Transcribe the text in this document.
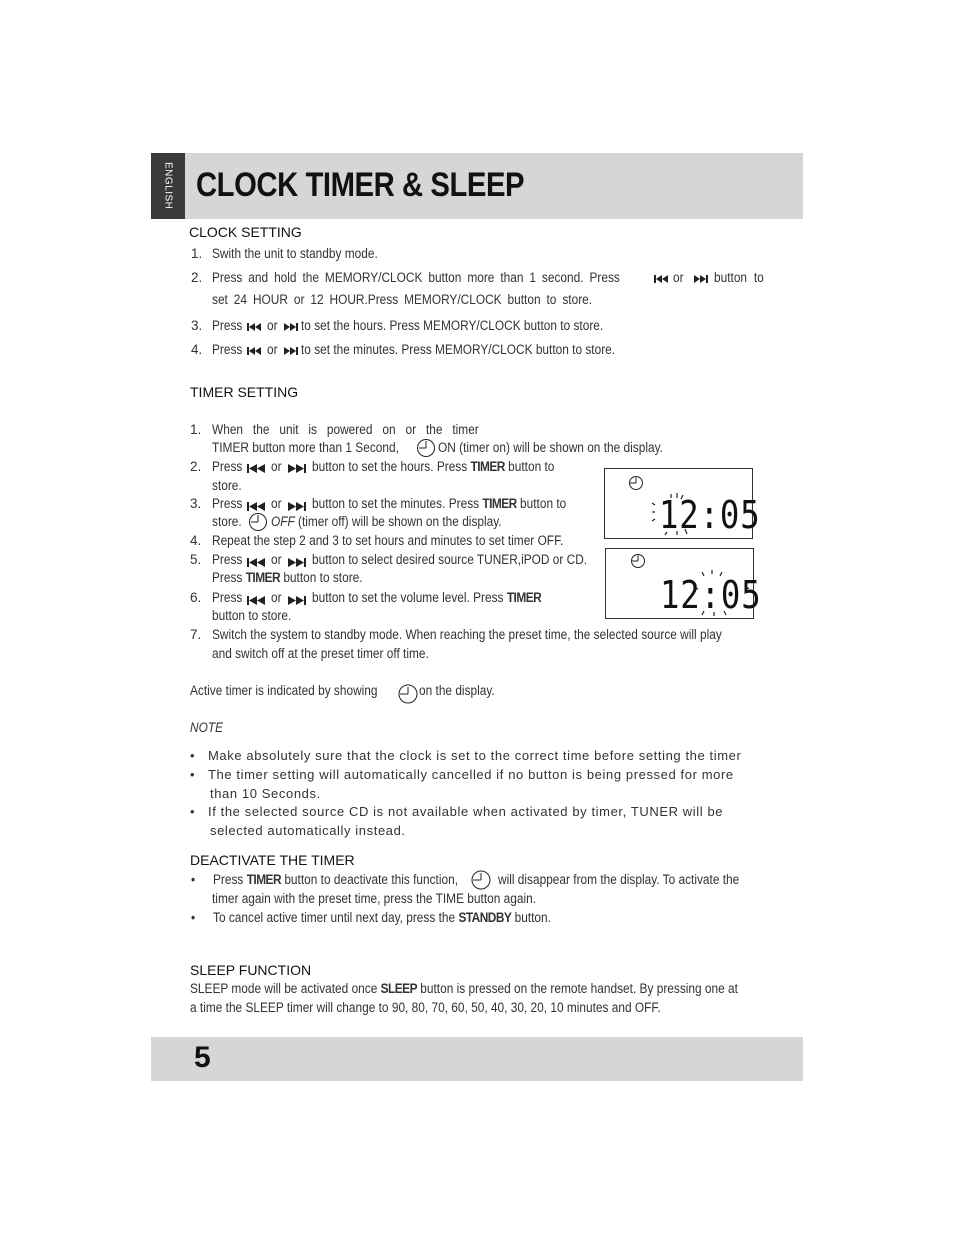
ENGLISH CLOCK TIMER & SLEEP
CLOCK SETTING
1. Swith the unit to standby mode.
2. Press and hold the MEMORY/CLOCK button more than 1 second. Press	or button to
set 24 HOUR or 12 HOUR.Press MEMORY/CLOCK button to store.
3. Press or to set the hours. Press MEMORY/CLOCK button to store.
4. Press or to set the minutes. Press MEMORY/CLOCK button to store.
TIMER SETTING
1. When   the   unit   is   powered   on   or   the   timer
TIMER button more than 1 Second,	ON (timer on) will be shown on the display.
2. Press or button to set the hours. Press TIMER button to
store.
3. Press or button to set the minutes. Press TIMER button to
store. OFF (timer off) will be shown on the display.
4. Repeat the step 2 and 3 to set hours and minutes to set timer OFF.
5. Press or button to select desired source TUNER,iPOD or CD.
Press TIMER button to store.
6. Press or button to set the volume level. Press TIMER
button to store.
7. Switch the system to standby mode. When reaching the preset time, the selected source will play
and switch off at the preset timer off time.
12:05
12:05
Active timer is indicated by showing	on the display.
NOTE
• Make absolutely sure that the clock is set to the correct time before setting the timer
• The timer setting will automatically cancelled if no button is being pressed for more
than 10 Seconds.
• If the selected source CD is not available when activated by timer, TUNER will be
selected automatically instead.
DEACTIVATE THE TIMER
• Press TIMER button to deactivate this function,	will disappear from the display. To activate the
timer again with the preset time, press the TIME button again.
• To cancel active timer until next day, press the STANDBY button.
SLEEP FUNCTION
SLEEP mode will be activated once SLEEP button is pressed on the remote handset. By pressing one at
a time the SLEEP timer will change to 90, 80, 70, 60, 50, 40, 30, 20, 10 minutes and OFF.
5
